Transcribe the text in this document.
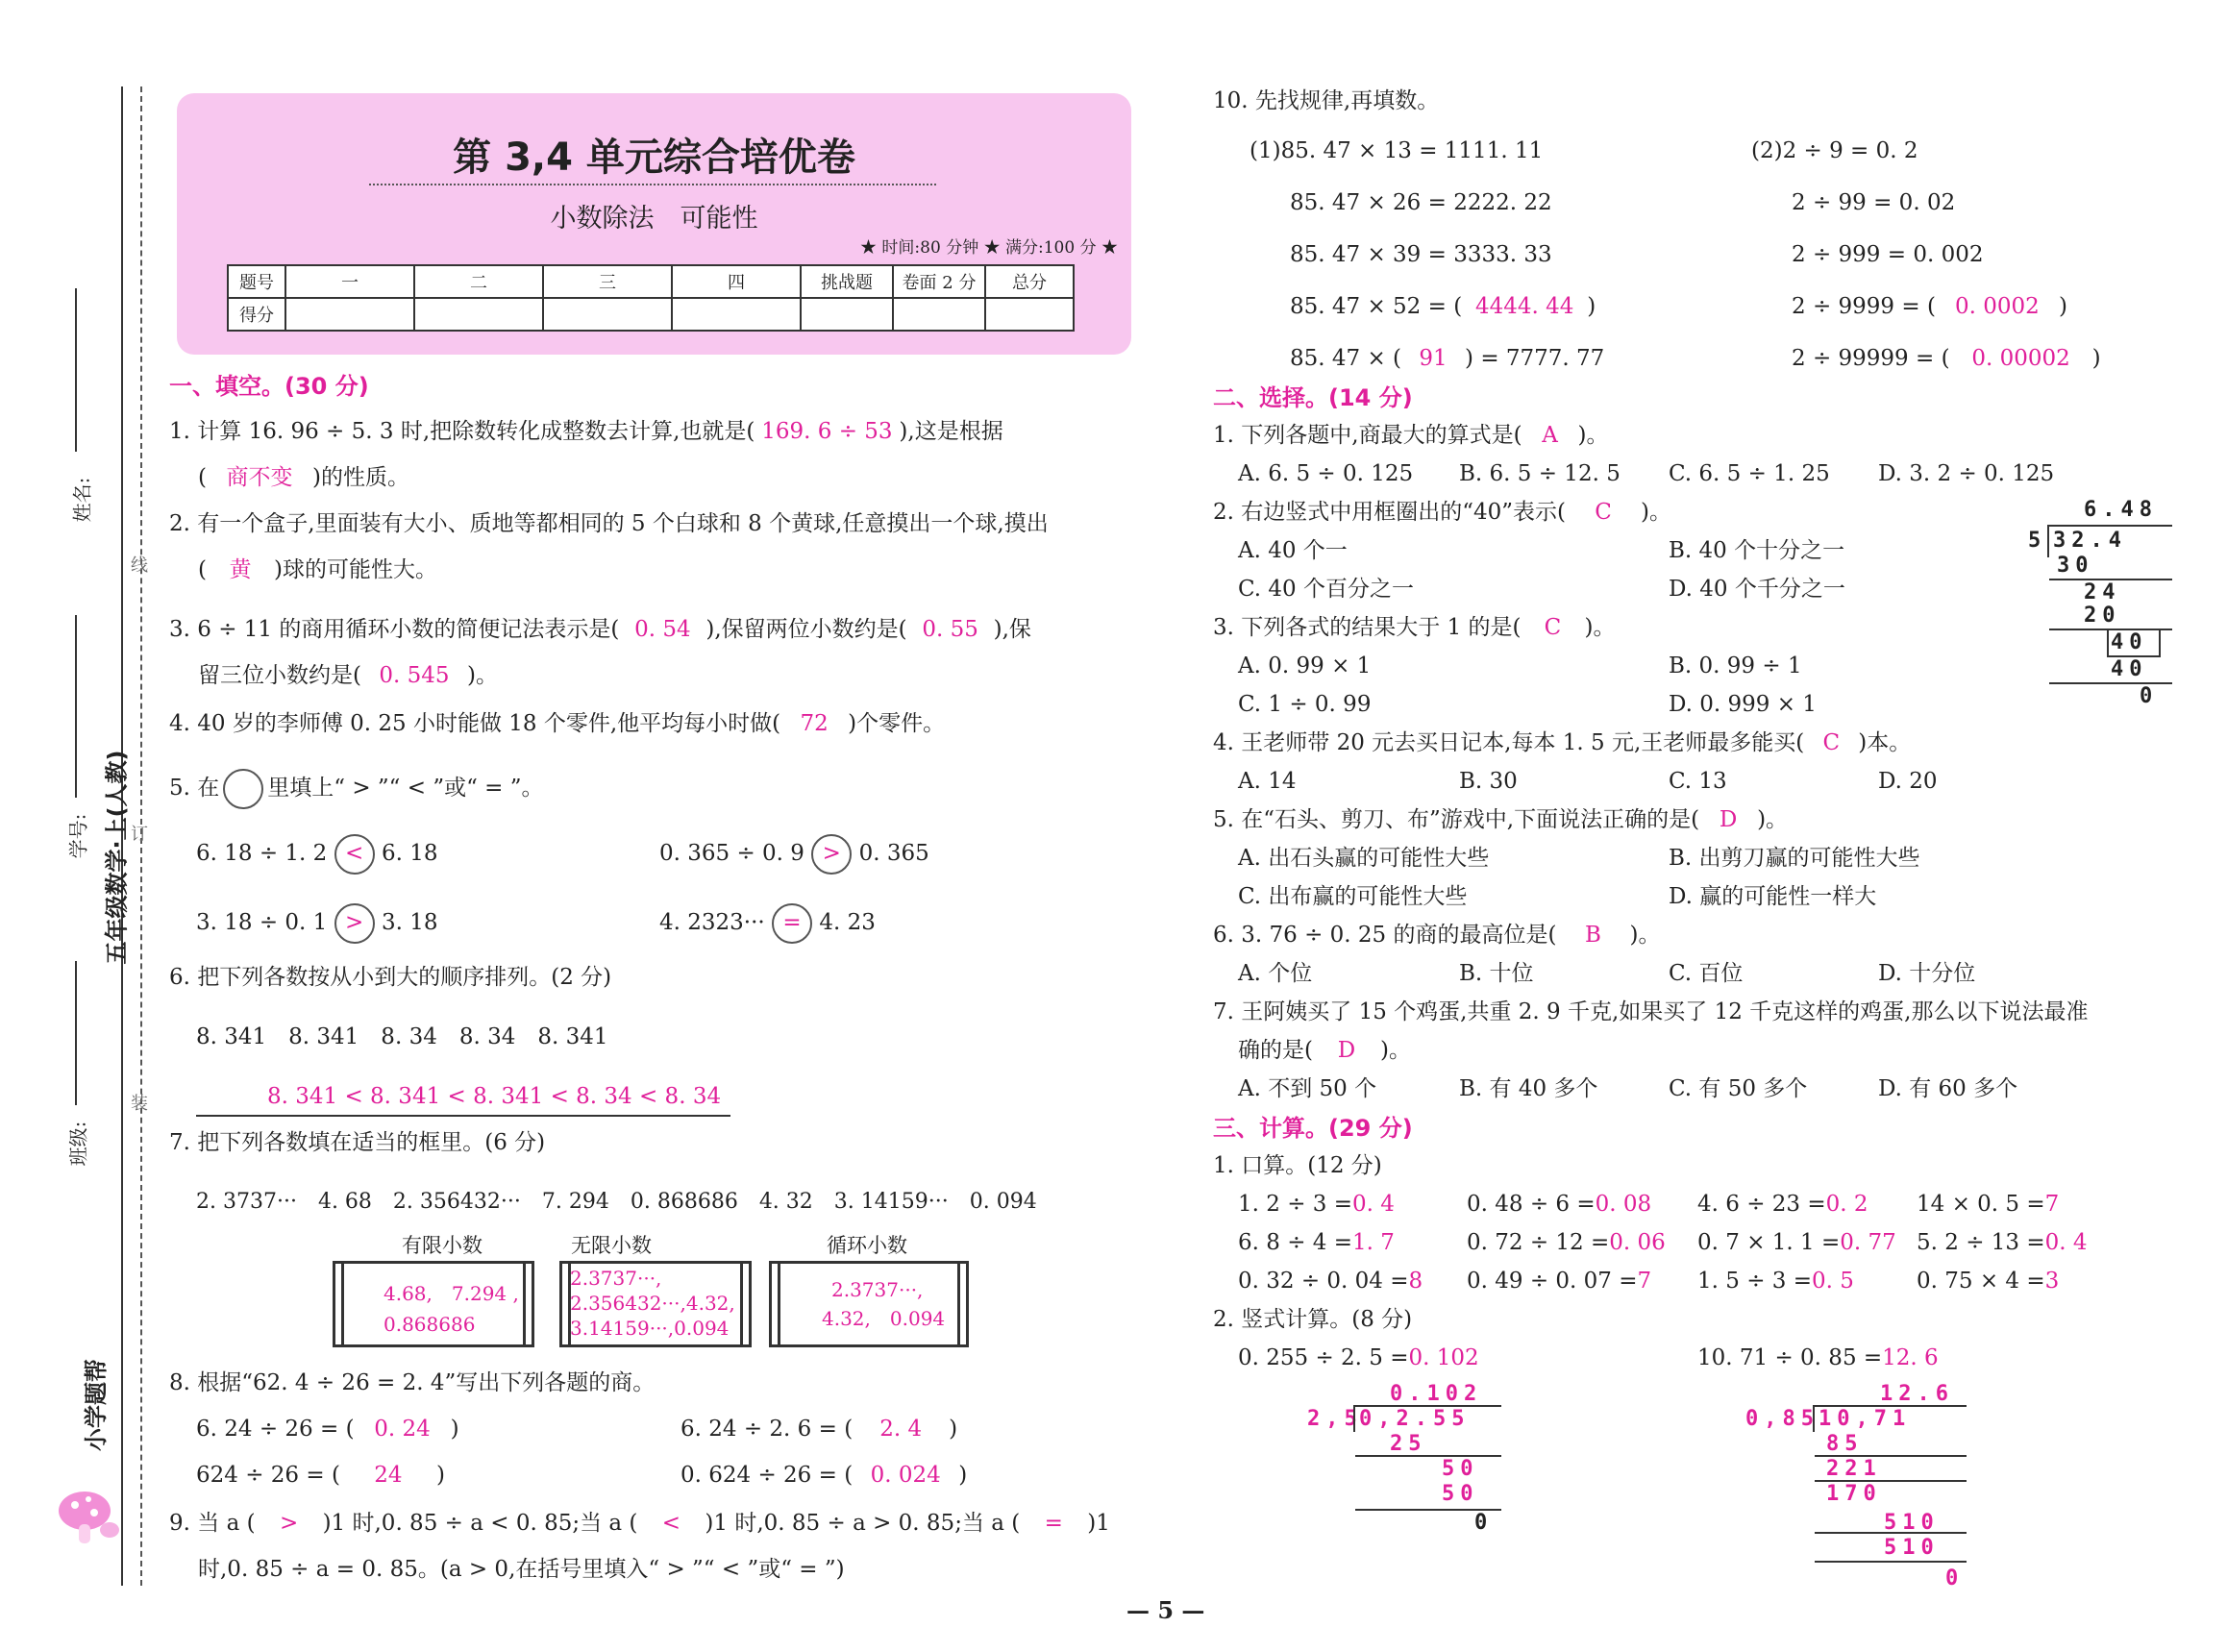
姓名:
学号: 五年级数学·上(人教)
班级:
线
订
装
小学题帮
第 3,4 单元综合培优卷
小数除法　可能性
★ 时间:80 分钟 ★ 满分:100 分 ★
题号	一	二	三	四	挑战题	卷面 2 分	总分
得分							
一、填空。(30 分)
1. 计算 16. 96 ÷ 5. 3 时,把除数转化成整数去计算,也就是( 169. 6 ÷ 53 ),这是根据
( 商不变 )的性质。
2. 有一个盒子,里面装有大小、质地等都相同的 5 个白球和 8 个黄球,任意摸出一个球,摸出
( 黄 )球的可能性大。
3. 6 ÷ 11 的商用循环小数的简便记法表示是( 0. 54 ),保留两位小数约是( 0. 55 ),保
留三位小数约是( 0. 545 )。
4. 40 岁的李师傅 0. 25 小时能做 18 个零件,他平均每小时做( 72 )个零件。
5. 在 里填上“ > ”“ < ”或“ = ”。
6. 18 ÷ 1. 2 < 6. 18	0. 365 ÷ 0. 9 > 0. 365
3. 18 ÷ 0. 1 > 3. 18	4. 2323··· = 4. 23
6. 把下列各数按从小到大的顺序排列。(2 分)
8. 341　8. 341　8. 34　8. 34　8. 341
8. 341 < 8. 341 < 8. 341 < 8. 34 < 8. 34
7. 把下列各数填在适当的框里。(6 分)
2. 3737···　4. 68　2. 356432···　7. 294　0. 868686　4. 32　3. 14159···　0. 094
有限小数	无限小数	循环小数
4.68,　7.294 ,
0.868686
2.3737···,
2.356432···,4.32,
3.14159···,0.094
2.3737···,
4.32,　0.094
8. 根据“62. 4 ÷ 26 = 2. 4”写出下列各题的商。
6. 24 ÷ 26 = ( 0. 24 )	6. 24 ÷ 2. 6 = ( 2. 4 )
624 ÷ 26 = ( 24 )	0. 624 ÷ 26 = ( 0. 024 )
9. 当 a ( > )1 时,0. 85 ÷ a < 0. 85;当 a ( < )1 时,0. 85 ÷ a > 0. 85;当 a ( = )1
时,0. 85 ÷ a = 0. 85。(a > 0,在括号里填入“ > ”“ < ”或“ = ”)
10. 先找规律,再填数。
(1)85. 47 × 13 = 1111. 11
85. 47 × 26 = 2222. 22
85. 47 × 39 = 3333. 33
85. 47 × 52 = ( 4444. 44 )
85. 47 × ( 91 ) = 7777. 77
(2)2 ÷ 9 = 0. 2
2 ÷ 99 = 0. 02
2 ÷ 999 = 0. 002
2 ÷ 9999 = ( 0. 0002 )
2 ÷ 99999 = ( 0. 00002 )
二、选择。(14 分)
1. 下列各题中,商最大的算式是( A )。
A. 6. 5 ÷ 0. 125 B. 6. 5 ÷ 12. 5 C. 6. 5 ÷ 1. 25 D. 3. 2 ÷ 0. 125
2. 右边竖式中用框圈出的“40”表示( C )。
A. 40 个一	B. 40 个十分之一
C. 40 个百分之一	D. 40 个千分之一
6.48
5 32.4
30
24
20
40
40
0
3. 下列各式的结果大于 1 的是( C )。
A. 0. 99 × 1	B. 0. 99 ÷ 1
C. 1 ÷ 0. 99	D. 0. 999 × 1
4. 王老师带 20 元去买日记本,每本 1. 5 元,王老师最多能买( C )本。
A. 14	B. 30	C. 13	D. 20
5. 在“石头、剪刀、布”游戏中,下面说法正确的是( D )。
A. 出石头赢的可能性大些	B. 出剪刀赢的可能性大些
C. 出布赢的可能性大些	D. 赢的可能性一样大
6. 3. 76 ÷ 0. 25 的商的最高位是( B )。
A. 个位	B. 十位	C. 百位	D. 十分位
7. 王阿姨买了 15 个鸡蛋,共重 2. 9 千克,如果买了 12 千克这样的鸡蛋,那么以下说法最准
确的是( D )。
A. 不到 50 个	B. 有 40 多个	C. 有 50 多个	D. 有 60 多个
三、计算。(29 分)
1. 口算。(12 分)
1. 2 ÷ 3 =0. 4	0. 48 ÷ 6 =0. 08 4. 6 ÷ 23 =0. 2 14 × 0. 5 =7
6. 8 ÷ 4 =1. 7	0. 72 ÷ 12 =0. 06 0. 7 × 1. 1 =0. 77 5. 2 ÷ 13 =0. 4
0. 32 ÷ 0. 04 =8 0. 49 ÷ 0. 07 =7 1. 5 ÷ 3 =0. 5	0. 75 × 4 =3
2. 竖式计算。(8 分)
0. 255 ÷ 2. 5 =0. 102	10. 71 ÷ 0. 85 =12. 6
0.102
2,5
0,2.55
25
50
50
0
12.6
0,85 10,71
85
221
170
510
510
0
— 5 —
